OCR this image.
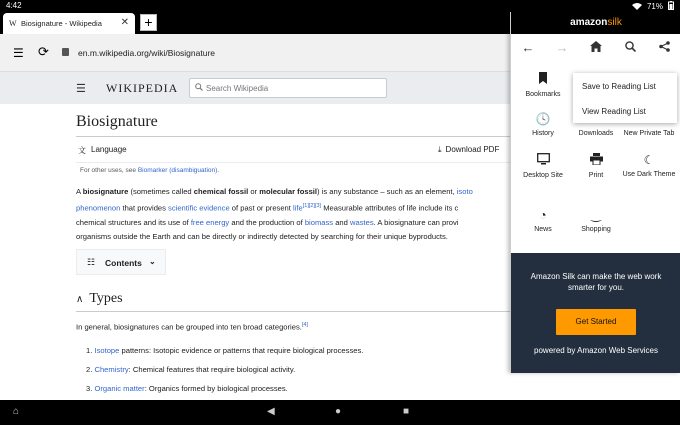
4:42	71%
W Biosignature - Wikipedia ✕	+
☰ ⟳	en.m.wikipedia.org/wiki/Biosignature
☰ WIKIPEDIA	Search Wikipedia
Biosignature
文 Language	⤓ Download PDF
For other uses, see Biomarker (disambiguation).
A biosignature (sometimes called chemical fossil or molecular fossil) is any substance – such as an element, isoto
phenomenon that provides scientific evidence of past or present life[1][2][3] Measurable attributes of life include its c
chemical structures and its use of free energy and the production of biomass and wastes. A biosignature can provi
organisms outside the Earth and can be directly or indirectly detected by searching for their unique byproducts.
☷ Contents ⌄
∧ Types
In general, biosignatures can be grouped into ten broad categories.[4]
1. Isotope patterns: Isotopic evidence or patterns that require biological processes.
2. Chemistry: Chemical features that require biological activity.
3. Organic matter: Organics formed by biological processes.
amazonsilk
←	→
Bookmarks
🕓
History
	Downloads
	New Private Tab
Desktop Site	Print
☾
Use Dark Theme
◔
News
‿
Shopping
Amazon Silk can make the web work smarter for you.
Get Started
powered by Amazon Web Services
Save to Reading List
View Reading List
⌂	◀	●	■
